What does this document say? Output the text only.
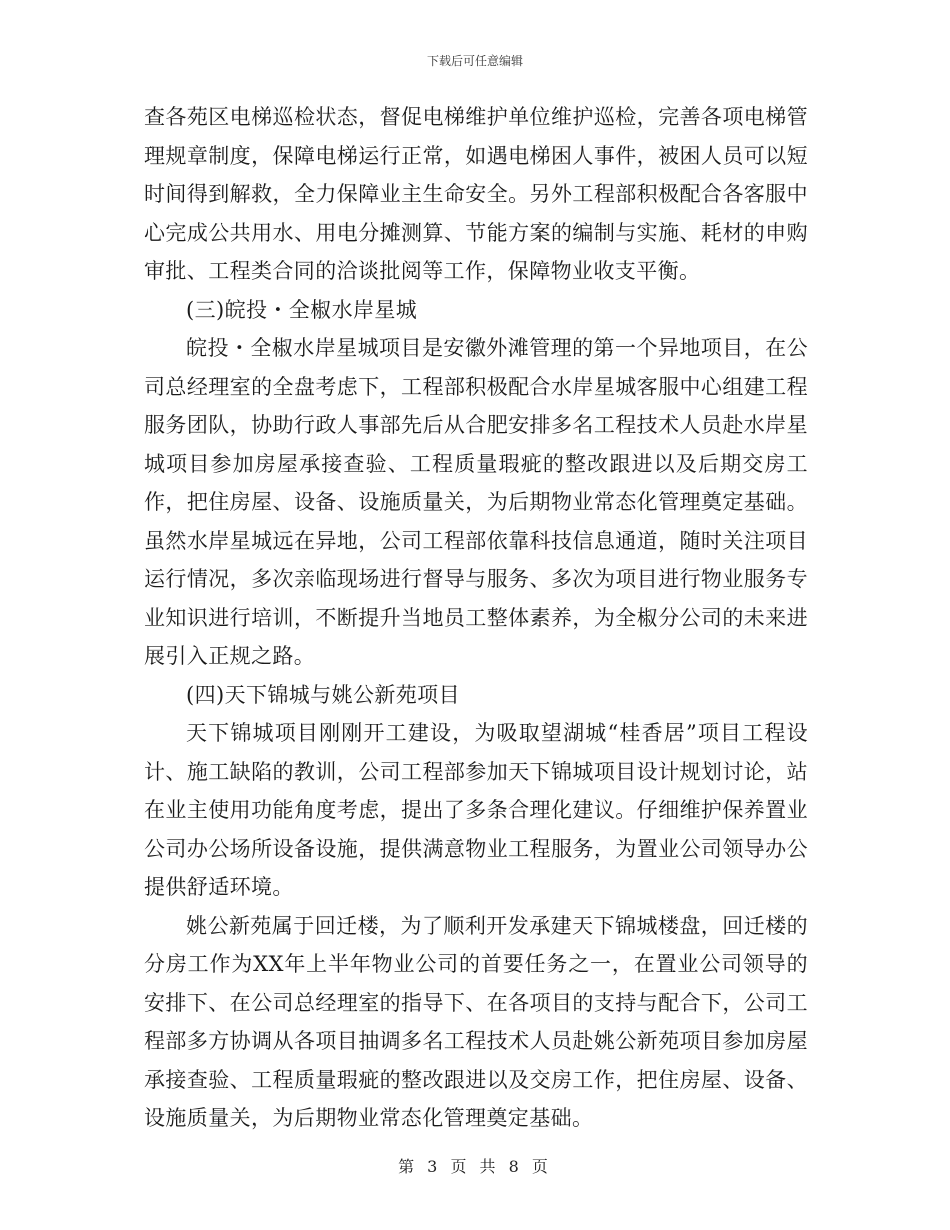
下载后可任意编辑

查各苑区电梯巡检状态，督促电梯维护单位维护巡检，完善各项电梯管理规章制度，保障电梯运行正常，如遇电梯困人事件，被困人员可以短时间得到解救，全力保障业主生命安全。另外工程部积极配合各客服中心完成公共用水、用电分摊测算、节能方案的编制与实施、耗材的申购审批、工程类合同的洽谈批阅等工作，保障物业收支平衡。

(三)皖投・全椒水岸星城

皖投・全椒水岸星城项目是安徽外滩管理的第一个异地项目，在公司总经理室的全盘考虑下，工程部积极配合水岸星城客服中心组建工程服务团队，协助行政人事部先后从合肥安排多名工程技术人员赴水岸星城项目参加房屋承接查验、工程质量瑕疵的整改跟进以及后期交房工作，把住房屋、设备、设施质量关，为后期物业常态化管理奠定基础。虽然水岸星城远在异地，公司工程部依靠科技信息通道，随时关注项目运行情况，多次亲临现场进行督导与服务、多次为项目进行物业服务专业知识进行培训，不断提升当地员工整体素养，为全椒分公司的未来进展引入正规之路。

(四)天下锦城与姚公新苑项目

天下锦城项目刚刚开工建设，为吸取望湖城“桂香居”项目工程设计、施工缺陷的教训，公司工程部参加天下锦城项目设计规划讨论，站在业主使用功能角度考虑，提出了多条合理化建议。仔细维护保养置业公司办公场所设备设施，提供满意物业工程服务，为置业公司领导办公提供舒适环境。

姚公新苑属于回迁楼，为了顺利开发承建天下锦城楼盘，回迁楼的分房工作为XX年上半年物业公司的首要任务之一，在置业公司领导的安排下、在公司总经理室的指导下、在各项目的支持与配合下，公司工程部多方协调从各项目抽调多名工程技术人员赴姚公新苑项目参加房屋承接查验、工程质量瑕疵的整改跟进以及交房工作，把住房屋、设备、设施质量关，为后期物业常态化管理奠定基础。

第 3 页 共 8 页
